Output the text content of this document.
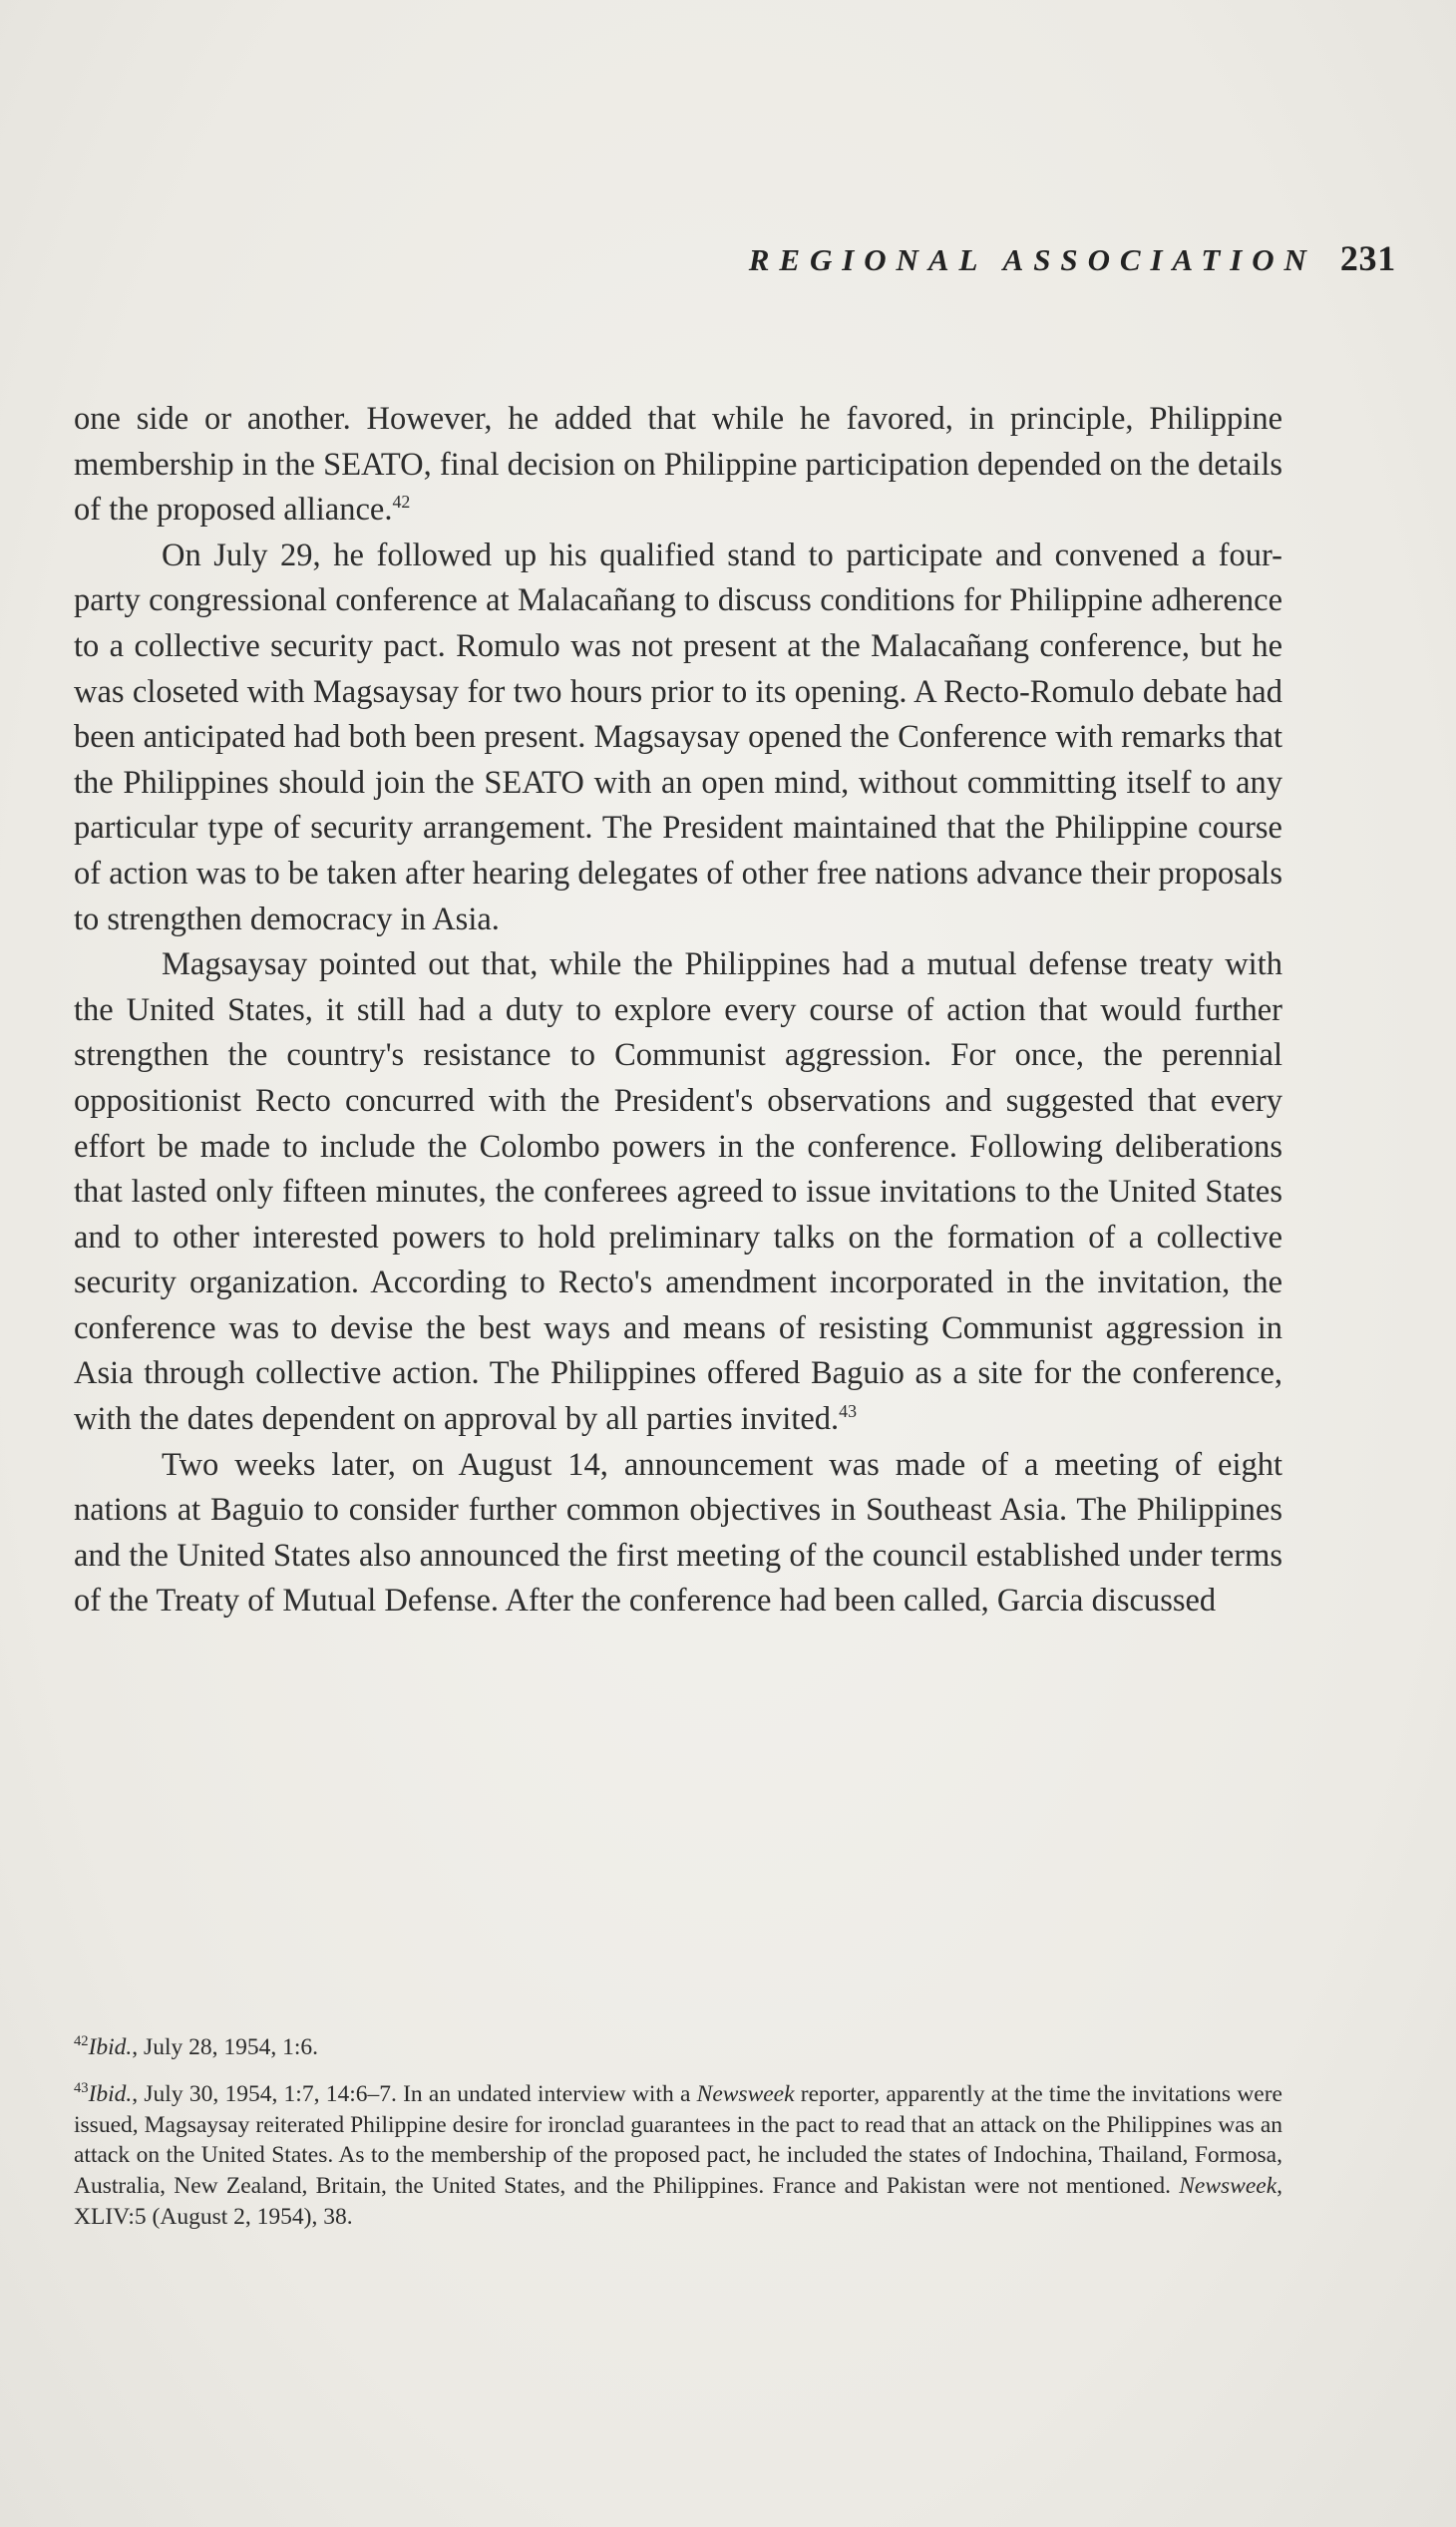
REGIONAL ASSOCIATION 231

one side or another. However, he added that while he favored, in principle, Philippine membership in the SEATO, final decision on Philippine participation depended on the details of the proposed alliance.$^{42}$

On July 29, he followed up his qualified stand to participate and convened a four-party congressional conference at Malacañang to discuss conditions for Philippine adherence to a collective security pact. Romulo was not present at the Malacañang conference, but he was closeted with Magsaysay for two hours prior to its opening. A Recto-Romulo debate had been anticipated had both been present. Magsaysay opened the Conference with remarks that the Philippines should join the SEATO with an open mind, without committing itself to any particular type of security arrangement. The President maintained that the Philippine course of action was to be taken after hearing delegates of other free nations advance their proposals to strengthen democracy in Asia.

Magsaysay pointed out that, while the Philippines had a mutual defense treaty with the United States, it still had a duty to explore every course of action that would further strengthen the country's resistance to Communist aggression. For once, the perennial oppositionist Recto concurred with the President's observations and suggested that every effort be made to include the Colombo powers in the conference. Following deliberations that lasted only fifteen minutes, the conferees agreed to issue invitations to the United States and to other interested powers to hold preliminary talks on the formation of a collective security organization. According to Recto's amendment incorporated in the invitation, the conference was to devise the best ways and means of resisting Communist aggression in Asia through collective action. The Philippines offered Baguio as a site for the conference, with the dates dependent on approval by all parties invited.$^{43}$

Two weeks later, on August 14, announcement was made of a meeting of eight nations at Baguio to consider further common objectives in Southeast Asia. The Philippines and the United States also announced the first meeting of the council established under terms of the Treaty of Mutual Defense. After the conference had been called, Garcia discussed

$^{42}$Ibid., July 28, 1954, 1:6.

$^{43}$Ibid., July 30, 1954, 1:7, 14:6–7. In an undated interview with a Newsweek reporter, apparently at the time the invitations were issued, Magsaysay reiterated Philippine desire for ironclad guarantees in the pact to read that an attack on the Philippines was an attack on the United States. As to the membership of the proposed pact, he included the states of Indochina, Thailand, Formosa, Australia, New Zealand, Britain, the United States, and the Philippines. France and Pakistan were not mentioned. Newsweek, XLIV:5 (August 2, 1954), 38.
